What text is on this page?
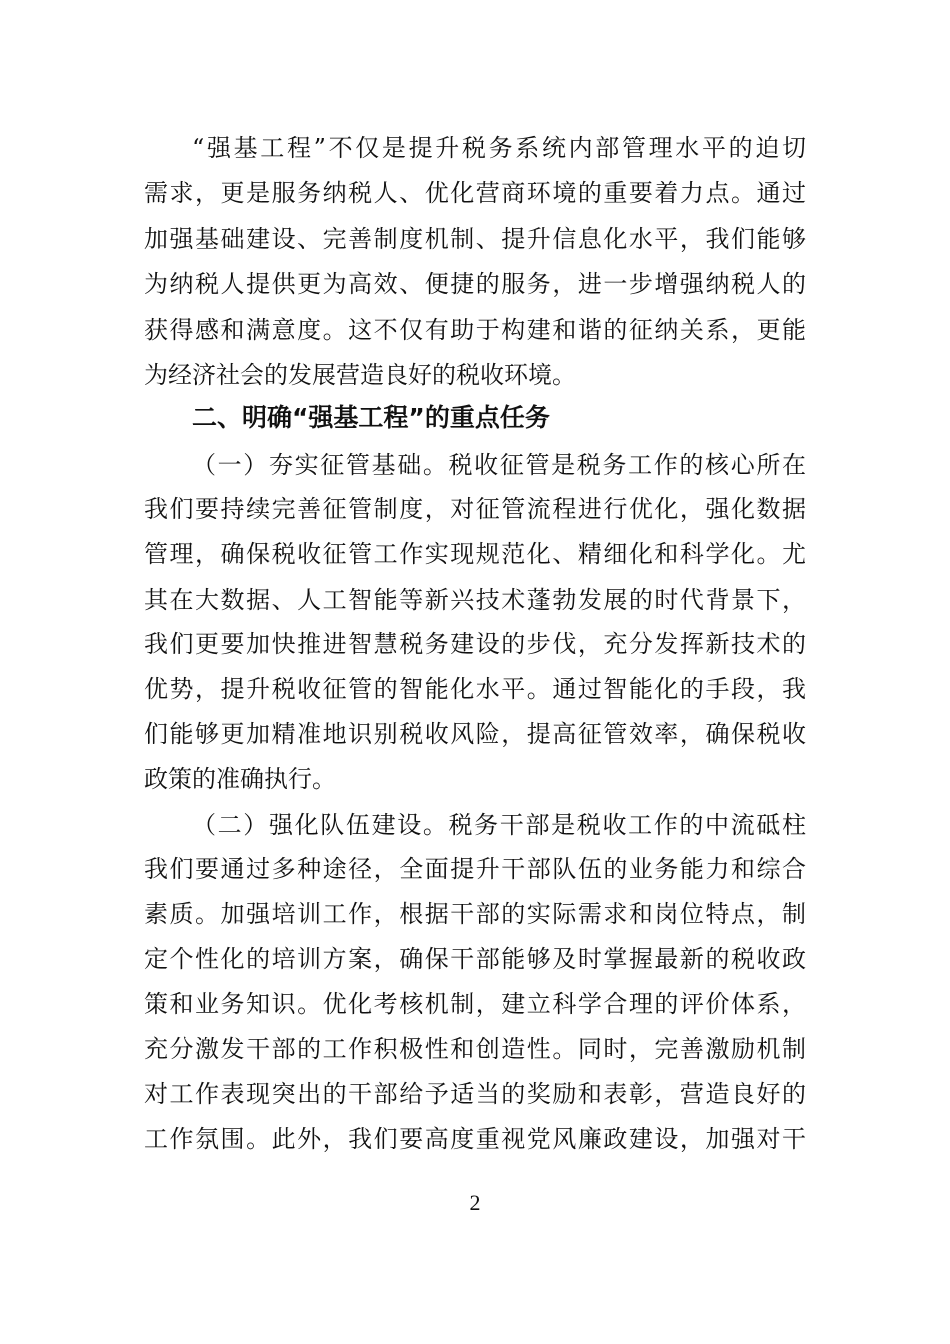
“强基工程”不仅是提升税务系统内部管理水平的迫切
需求，更是服务纳税人、优化营商环境的重要着力点。通过
加强基础建设、完善制度机制、提升信息化水平，我们能够
为纳税人提供更为高效、便捷的服务，进一步增强纳税人的
获得感和满意度。这不仅有助于构建和谐的征纳关系，更能
为经济社会的发展营造良好的税收环境。
二、明确“强基工程”的重点任务
（一）夯实征管基础。税收征管是税务工作的核心所在
我们要持续完善征管制度，对征管流程进行优化，强化数据
管理，确保税收征管工作实现规范化、精细化和科学化。尤
其在大数据、人工智能等新兴技术蓬勃发展的时代背景下，
我们更要加快推进智慧税务建设的步伐，充分发挥新技术的
优势，提升税收征管的智能化水平。通过智能化的手段，我
们能够更加精准地识别税收风险，提高征管效率，确保税收
政策的准确执行。
（二）强化队伍建设。税务干部是税收工作的中流砥柱
我们要通过多种途径，全面提升干部队伍的业务能力和综合
素质。加强培训工作，根据干部的实际需求和岗位特点，制
定个性化的培训方案，确保干部能够及时掌握最新的税收政
策和业务知识。优化考核机制，建立科学合理的评价体系，
充分激发干部的工作积极性和创造性。同时，完善激励机制
对工作表现突出的干部给予适当的奖励和表彰，营造良好的
工作氛围。此外，我们要高度重视党风廉政建设，加强对干
2
